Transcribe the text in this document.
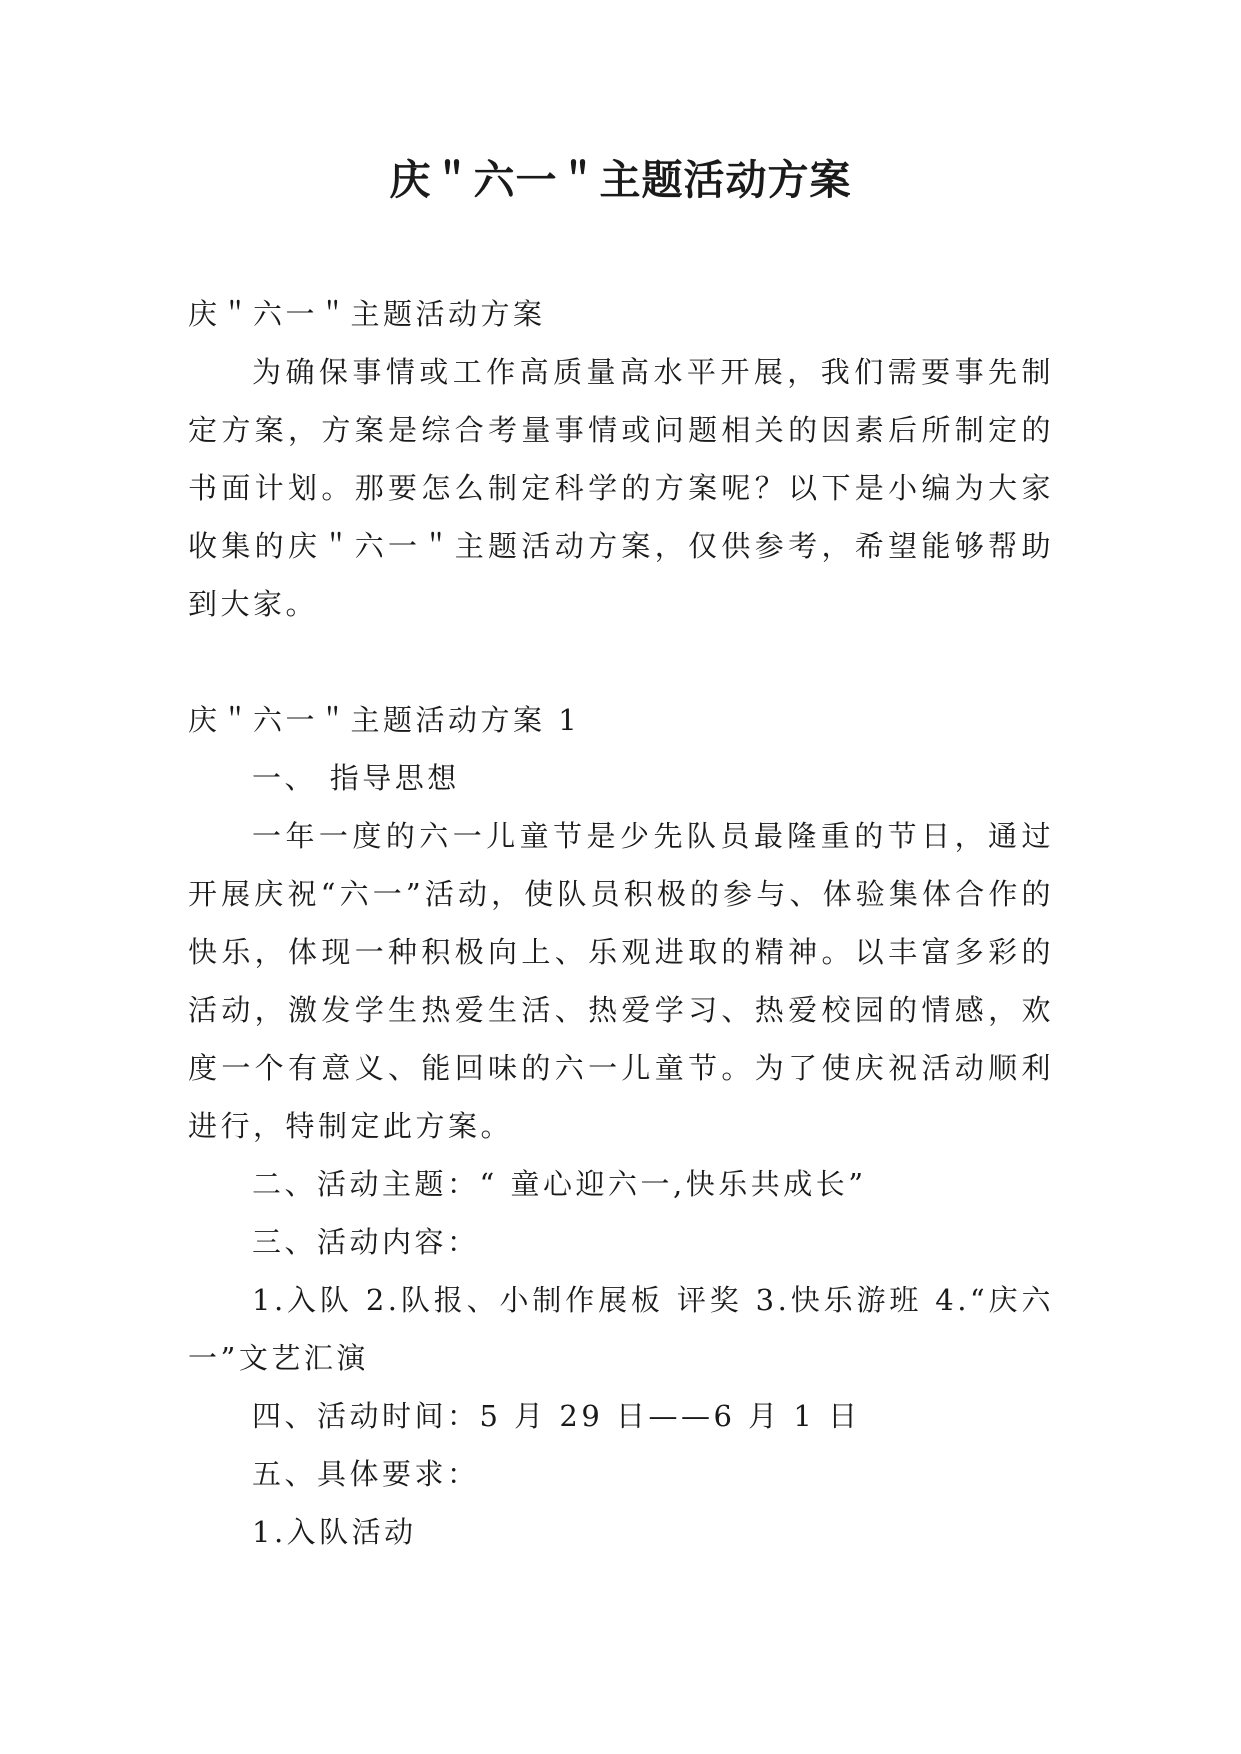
庆＂六一＂主题活动方案

庆＂六一＂主题活动方案

为确保事情或工作高质量高水平开展，我们需要事先制定方案，方案是综合考量事情或问题相关的因素后所制定的书面计划。那要怎么制定科学的方案呢？以下是小编为大家收集的庆＂六一＂主题活动方案，仅供参考，希望能够帮助到大家。

庆＂六一＂主题活动方案 1

一、 指导思想

一年一度的六一儿童节是少先队员最隆重的节日，通过开展庆祝“六一”活动，使队员积极的参与、体验集体合作的快乐，体现一种积极向上、乐观进取的精神。以丰富多彩的活动，激发学生热爱生活、热爱学习、热爱校园的情感，欢度一个有意义、能回味的六一儿童节。为了使庆祝活动顺利进行，特制定此方案。

二、活动主题：“ 童心迎六一,快乐共成长”

三、活动内容：

1.入队 2.队报、小制作展板 评奖 3.快乐游班 4.“庆六一”文艺汇演

四、活动时间：5 月 29 日——6 月 1 日

五、具体要求：

1.入队活动
